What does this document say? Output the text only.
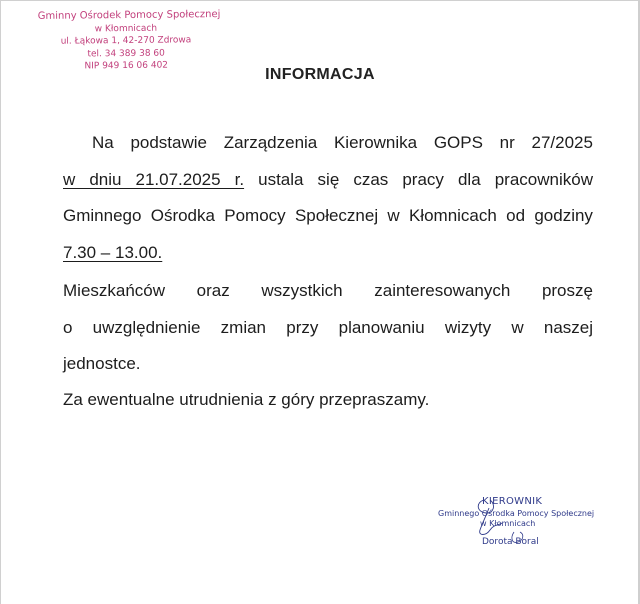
Gminny Ośrodek Pomocy Społecznej
w Kłomnicach
ul. Łąkowa 1, 42-270 Zdrowa
tel. 34 389 38 60
NIP 949 16 06 402
INFORMACJA
Na podstawie Zarządzenia Kierownika GOPS nr 27/2025
w dniu 21.07.2025 r. ustala się czas pracy dla pracowników
Gminnego Ośrodka Pomocy Społecznej w Kłomnicach od godziny
7.30 – 13.00.
Mieszkańców oraz wszystkich zainteresowanych proszę
o uwzględnienie zmian przy planowaniu wizyty w naszej
jednostce.
Za ewentualne utrudnienia z góry przepraszamy.
KIEROWNIK
Gminnego Ośrodka Pomocy Społecznej
w Kłomnicach
Dorota Boral
